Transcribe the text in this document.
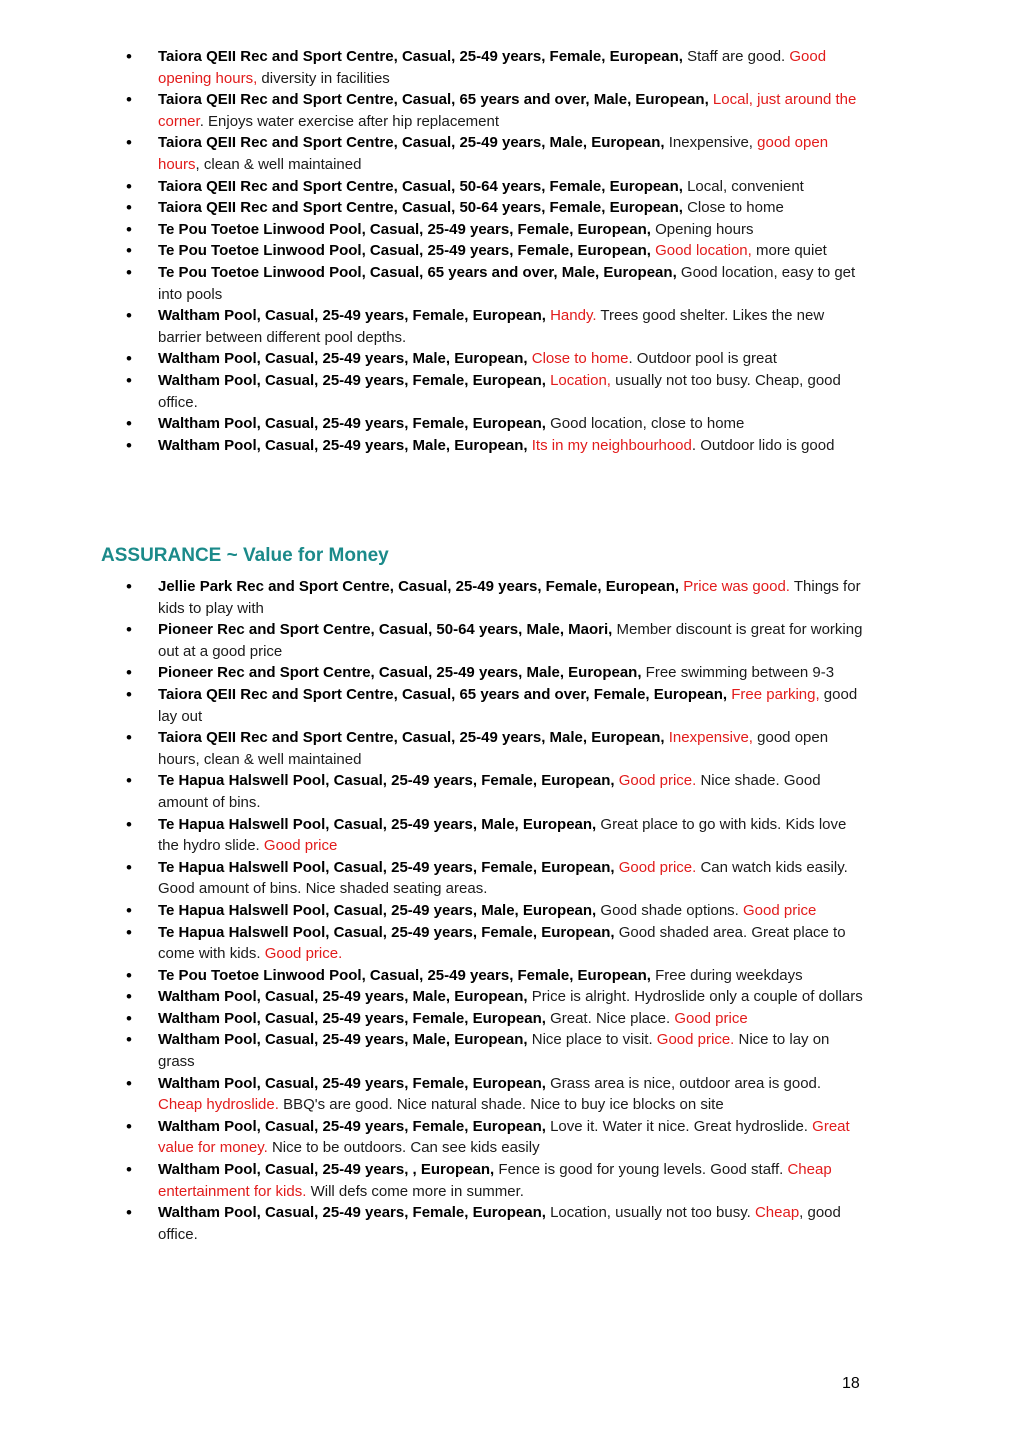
• Taiora QEII Rec and Sport Centre, Casual, 25-49 years, Female, European, Staff are good. Good opening hours, diversity in facilities
• Taiora QEII Rec and Sport Centre, Casual, 65 years and over, Male, European, Local, just around the corner. Enjoys water exercise after hip replacement
• Taiora QEII Rec and Sport Centre, Casual, 25-49 years, Male, European, Inexpensive, good open hours, clean & well maintained
• Taiora QEII Rec and Sport Centre, Casual, 50-64 years, Female, European, Local, convenient
• Taiora QEII Rec and Sport Centre, Casual, 50-64 years, Female, European, Close to home
• Te Pou Toetoe Linwood Pool, Casual, 25-49 years, Female, European, Opening hours
• Te Pou Toetoe Linwood Pool, Casual, 25-49 years, Female, European, Good location, more quiet
• Te Pou Toetoe Linwood Pool, Casual, 65 years and over, Male, European, Good location, easy to get into pools
• Waltham Pool, Casual, 25-49 years, Female, European, Handy. Trees good shelter. Likes the new barrier between different pool depths.
• Waltham Pool, Casual, 25-49 years, Male, European, Close to home. Outdoor pool is great
• Waltham Pool, Casual, 25-49 years, Female, European, Location, usually not too busy. Cheap, good office.
• Waltham Pool, Casual, 25-49 years, Female, European, Good location, close to home
• Waltham Pool, Casual, 25-49 years, Male, European, Its in my neighbourhood. Outdoor lido is good
ASSURANCE ~ Value for Money
• Jellie Park Rec and Sport Centre, Casual, 25-49 years, Female, European, Price was good. Things for kids to play with
• Pioneer Rec and Sport Centre, Casual, 50-64 years, Male, Maori, Member discount is great for working out at a good price
• Pioneer Rec and Sport Centre, Casual, 25-49 years, Male, European, Free swimming between 9-3
• Taiora QEII Rec and Sport Centre, Casual, 65 years and over, Female, European, Free parking, good lay out
• Taiora QEII Rec and Sport Centre, Casual, 25-49 years, Male, European, Inexpensive, good open hours, clean & well maintained
• Te Hapua Halswell Pool, Casual, 25-49 years, Female, European, Good price. Nice shade. Good amount of bins.
• Te Hapua Halswell Pool, Casual, 25-49 years, Male, European, Great place to go with kids. Kids love the hydro slide. Good price
• Te Hapua Halswell Pool, Casual, 25-49 years, Female, European, Good price. Can watch kids easily. Good amount of bins. Nice shaded seating areas.
• Te Hapua Halswell Pool, Casual, 25-49 years, Male, European, Good shade options. Good price
• Te Hapua Halswell Pool, Casual, 25-49 years, Female, European, Good shaded area. Great place to come with kids. Good price.
• Te Pou Toetoe Linwood Pool, Casual, 25-49 years, Female, European, Free during weekdays
• Waltham Pool, Casual, 25-49 years, Male, European, Price is alright. Hydroslide only a couple of dollars
• Waltham Pool, Casual, 25-49 years, Female, European, Great. Nice place. Good price
• Waltham Pool, Casual, 25-49 years, Male, European, Nice place to visit. Good price. Nice to lay on grass
• Waltham Pool, Casual, 25-49 years, Female, European, Grass area is nice, outdoor area is good. Cheap hydroslide. BBQ's are good. Nice natural shade. Nice to buy ice blocks on site
• Waltham Pool, Casual, 25-49 years, Female, European, Love it. Water it nice. Great hydroslide. Great value for money. Nice to be outdoors. Can see kids easily
• Waltham Pool, Casual, 25-49 years, , European, Fence is good for young levels. Good staff. Cheap entertainment for kids. Will defs come more in summer.
• Waltham Pool, Casual, 25-49 years, Female, European, Location, usually not too busy. Cheap, good office.
18
